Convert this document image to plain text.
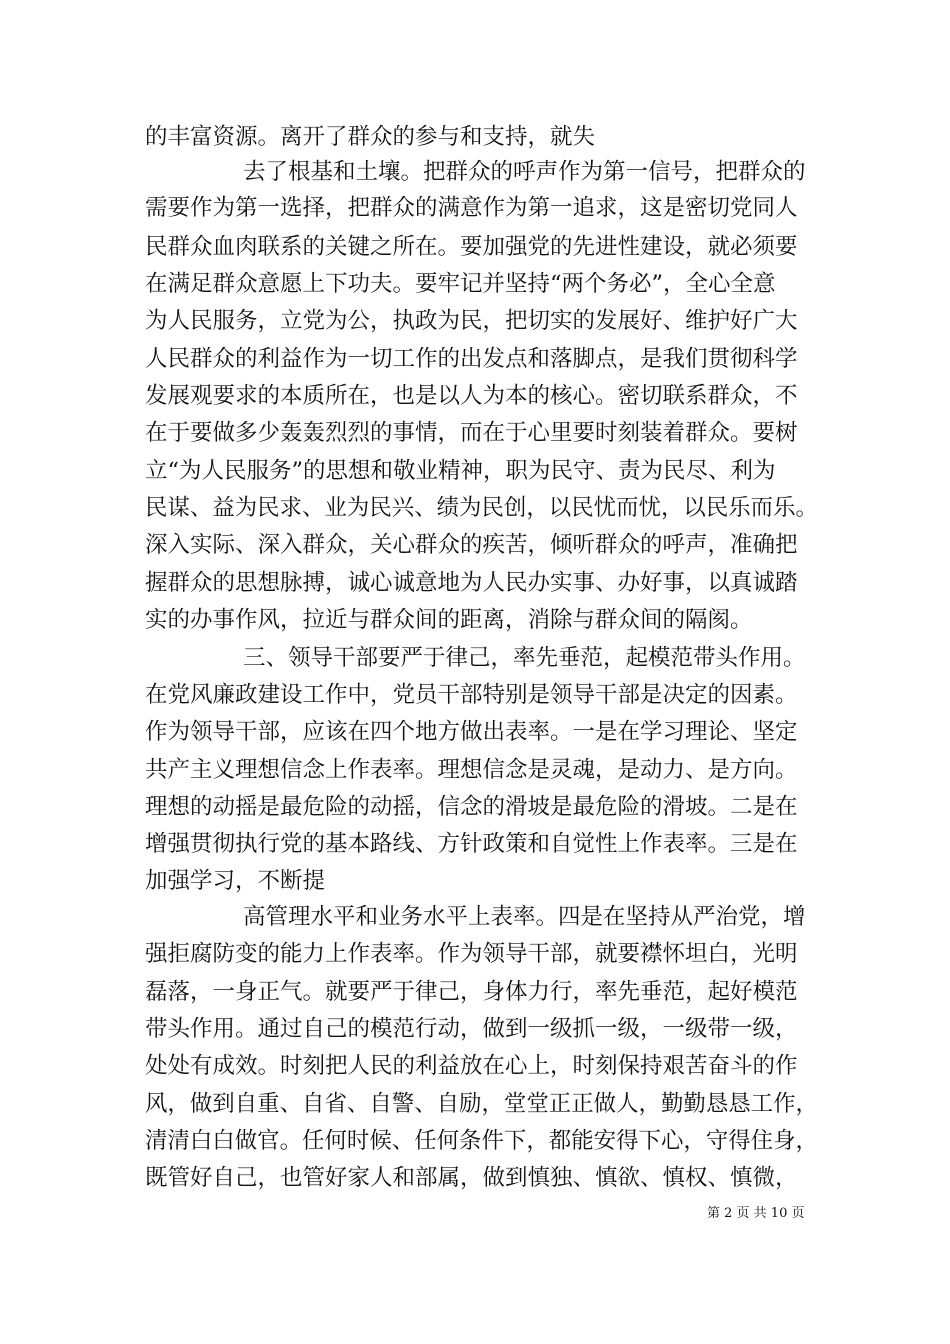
的丰富资源。离开了群众的参与和支持，就失
去了根基和土壤。把群众的呼声作为第一信号，把群众的
需要作为第一选择，把群众的满意作为第一追求，这是密切党同人
民群众血肉联系的关键之所在。要加强党的先进性建设，就必须要
在满足群众意愿上下功夫。要牢记并坚持“两个务必”，全心全意
为人民服务，立党为公，执政为民，把切实的发展好、维护好广大
人民群众的利益作为一切工作的出发点和落脚点，是我们贯彻科学
发展观要求的本质所在，也是以人为本的核心。密切联系群众，不
在于要做多少轰轰烈烈的事情，而在于心里要时刻装着群众。要树
立“为人民服务”的思想和敬业精神，职为民守、责为民尽、利为
民谋、益为民求、业为民兴、绩为民创，以民忧而忧，以民乐而乐。
深入实际、深入群众，关心群众的疾苦，倾听群众的呼声，准确把
握群众的思想脉搏，诚心诚意地为人民办实事、办好事，以真诚踏
实的办事作风，拉近与群众间的距离，消除与群众间的隔阂。
三、领导干部要严于律己，率先垂范，起模范带头作用。
在党风廉政建设工作中，党员干部特别是领导干部是决定的因素。
作为领导干部，应该在四个地方做出表率。一是在学习理论、坚定
共产主义理想信念上作表率。理想信念是灵魂，是动力、是方向。
理想的动摇是最危险的动摇，信念的滑坡是最危险的滑坡。二是在
增强贯彻执行党的基本路线、方针政策和自觉性上作表率。三是在
加强学习，不断提
高管理水平和业务水平上表率。四是在坚持从严治党，增
强拒腐防变的能力上作表率。作为领导干部，就要襟怀坦白，光明
磊落，一身正气。就要严于律己，身体力行，率先垂范，起好模范
带头作用。通过自己的模范行动，做到一级抓一级，一级带一级，
处处有成效。时刻把人民的利益放在心上，时刻保持艰苦奋斗的作
风，做到自重、自省、自警、自励，堂堂正正做人，勤勤恳恳工作，
清清白白做官。任何时候、任何条件下，都能安得下心，守得住身，
既管好自己，也管好家人和部属，做到慎独、慎欲、慎权、慎微，
第 2 页 共 10 页
